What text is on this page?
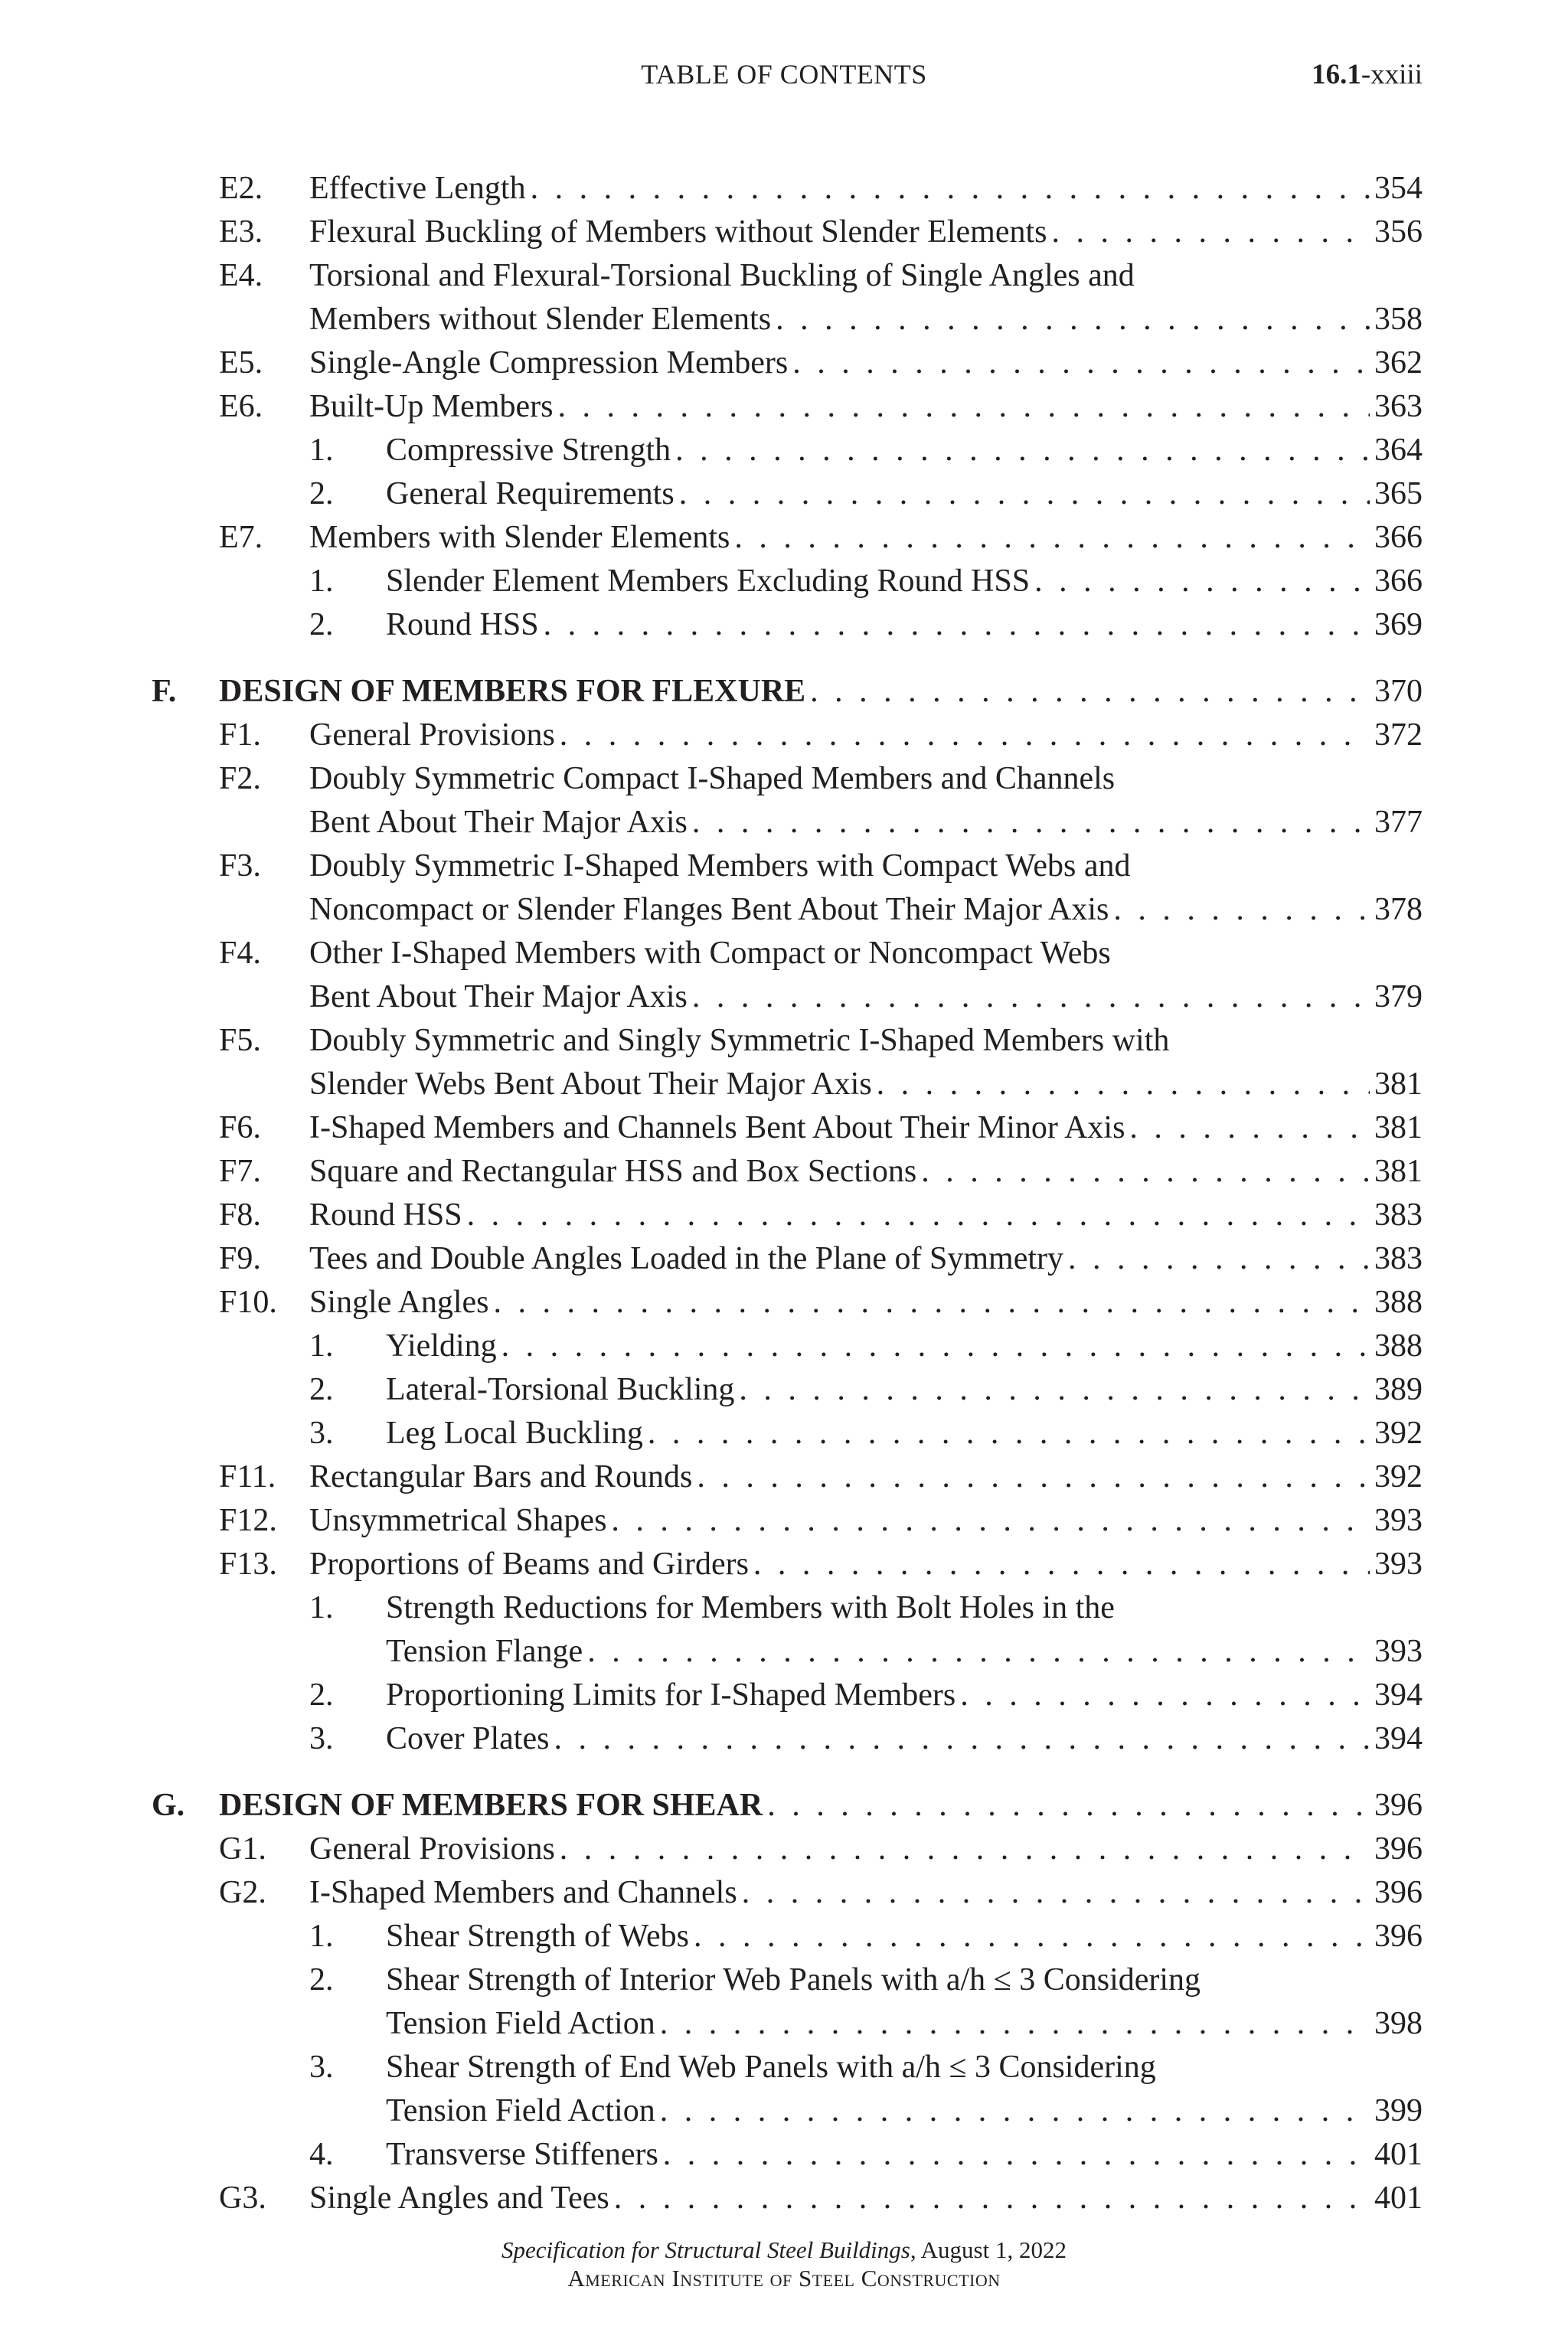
TABLE OF CONTENTS	16.1-xxiii
E2. Effective Length . . .	354
E3. Flexural Buckling of Members without Slender Elements . . .	356
E4. Torsional and Flexural-Torsional Buckling of Single Angles and
Members without Slender Elements . . .	358
E5. Single-Angle Compression Members . . .	362
E6. Built-Up Members . . .	363
1. Compressive Strength . . .	364
2. General Requirements . . .	365
E7. Members with Slender Elements . . .	366
1. Slender Element Members Excluding Round HSS . . .	366
2. Round HSS . . .	369
F. DESIGN OF MEMBERS FOR FLEXURE . . .	370
F1. General Provisions . . .	372
F2. Doubly Symmetric Compact I-Shaped Members and Channels
Bent About Their Major Axis . . .	377
F3. Doubly Symmetric I-Shaped Members with Compact Webs and
Noncompact or Slender Flanges Bent About Their Major Axis . . .	378
F4. Other I-Shaped Members with Compact or Noncompact Webs
Bent About Their Major Axis . . .	379
F5. Doubly Symmetric and Singly Symmetric I-Shaped Members with
Slender Webs Bent About Their Major Axis . . .	381
F6. I-Shaped Members and Channels Bent About Their Minor Axis . . .	381
F7. Square and Rectangular HSS and Box Sections . . .	381
F8. Round HSS . . .	383
F9. Tees and Double Angles Loaded in the Plane of Symmetry . . .	383
F10. Single Angles . . .	388
1. Yielding . . .	388
2. Lateral-Torsional Buckling . . .	389
3. Leg Local Buckling . . .	392
F11. Rectangular Bars and Rounds . . .	392
F12. Unsymmetrical Shapes . . .	393
F13. Proportions of Beams and Girders . . .	393
1. Strength Reductions for Members with Bolt Holes in the
Tension Flange . . .	393
2. Proportioning Limits for I-Shaped Members . . .	394
3. Cover Plates . . .	394
G. DESIGN OF MEMBERS FOR SHEAR . . .	396
G1. General Provisions . . .	396
G2. I-Shaped Members and Channels . . .	396
1. Shear Strength of Webs . . .	396
2. Shear Strength of Interior Web Panels with a/h ≤ 3 Considering
Tension Field Action . . .	398
3. Shear Strength of End Web Panels with a/h ≤ 3 Considering
Tension Field Action . . .	399
4. Transverse Stiffeners . . .	401
G3. Single Angles and Tees . . .	401
Specification for Structural Steel Buildings, August 1, 2022
American Institute of Steel Construction
